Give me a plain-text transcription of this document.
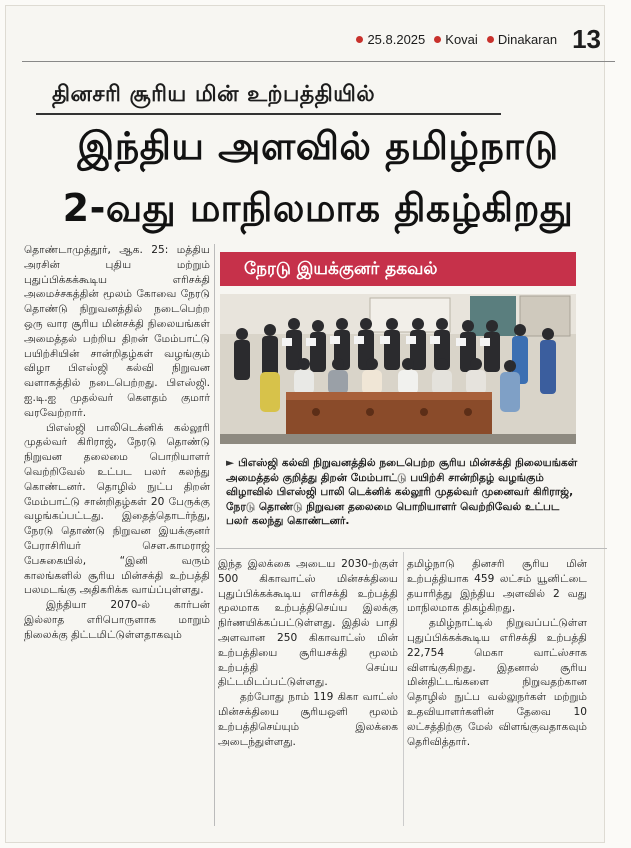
25.8.2025	Kovai	Dinakaran 13
தினசரி சூரிய மின் உற்பத்தியில்
இந்திய அளவில் தமிழ்நாடு
2-வது மாநிலமாக திகழ்கிறது

தொண்டாமுத்தூர், ஆக. 25: மத்திய அரசின் புதிய மற்றும் புதுப்பிக்கக்கூடிய எரிசக்தி அமைச்சகத்தின் மூலம் கோவை நேரடு தொண்டு நிறுவனத்தில் நடைபெற்ற ஒரு வார சூரிய மின்சக்தி நிலையங்கள் அமைத்தல் பற்றிய திறன் மேம்பாட்டு பயிற்சியின் சான்றிதழ்கள் வழங்கும் விழா பிஎஸ்ஜி கல்வி நிறுவன வளாகத்தில் நடைபெற்றது. பிஎஸ்ஜி. ஐ.டி.ஐ முதல்வர் கௌதம் குமார் வரவேற்றார்.

பிஎஸ்ஜி பாலிடெக்னிக் கல்லூரி முதல்வர் கிரிராஜ், நேரடு தொண்டு நிறுவன தலைமை பொறியாளர் வெற்றிவேல் உட்பட பலர் கலந்து கொண்டனர். தொழில் நுட்ப திறன் மேம்பாட்டு சான்றிதழ்கள் 20 பேருக்கு வழங்கப்பட்டது. இதைத்தொடர்ந்து, நேரடு தொண்டு நிறுவன இயக்குனர் பேராசிரியர் செள.காமராஜ் பேசுகையில், “இனி வரும் காலங்களில் சூரிய மின்சக்தி உற்பத்தி பலமடங்கு அதிகரிக்க வாய்ப்புள்ளது.

இந்தியா 2070-ல் கார்பன் இல்லாத எரிபொருளாக மாறும் நிலைக்கு திட்டமிட்டுள்ளதாகவும்

நேரடு இயக்குனர் தகவல்
► பிஎஸ்ஜி கல்வி நிறுவனத்தில் நடைபெற்ற சூரிய மின்சக்தி நிலையங்கள் அமைத்தல் குறித்து திறன் மேம்பாட்டு பயிற்சி சான்றிதழ் வழங்கும் விழாவில் பிஎஸ்ஜி பாலி டெக்னிக் கல்லூரி முதல்வர் முனைவர் கிரிராஜ், நேரடு தொண்டு நிறுவன தலைமை பொறியாளர் வெற்றிவேல் உட்பட பலர் கலந்து கொண்டனர்.

இந்த இலக்கை அடைய 2030-ற்குள் 500 கிகாவாட்ஸ் மின்சக்தியை புதுப்பிக்கக்கூடிய எரிசக்தி உற்பத்தி மூலமாக உற்பத்திசெய்ய இலக்கு நிர்ணயிக்கப்பட்டுள்ளது. இதில் பாதி அளவான 250 கிகாவாட்ஸ் மின் உற்பத்தியை சூரியசக்தி மூலம் உற்பத்தி செய்ய திட்டமிடப்பட்டுள்ளது.

தற்போது நாம் 119 கிகா வாட்ஸ் மின்சக்தியை சூரியஒளி மூலம் உற்பத்திசெய்யும் இலக்கை அடைந்துள்ளது.

தமிழ்நாடு தினசரி சூரிய மின் உற்பத்தியாக 459 லட்சம் யூனிட்டை தயாரித்து இந்திய அளவில் 2 வது மாநிலமாக திகழ்கிறது.

தமிழ்நாட்டில் நிறுவப்பட்டுள்ள புதுப்பிக்கக்கூடிய எரிசக்தி உற்பத்தி 22,754 மெகா வாட்ஸ்சாக விளங்குகிறது. இதனால் சூரிய மின்திட்டங்களை நிறுவதற்கான தொழில் நுட்ப வல்லுநர்கள் மற்றும் உதவியாளர்களின் தேவை 10 லட்சத்திற்கு மேல் விளங்குவதாகவும் தெரிவித்தார்.
